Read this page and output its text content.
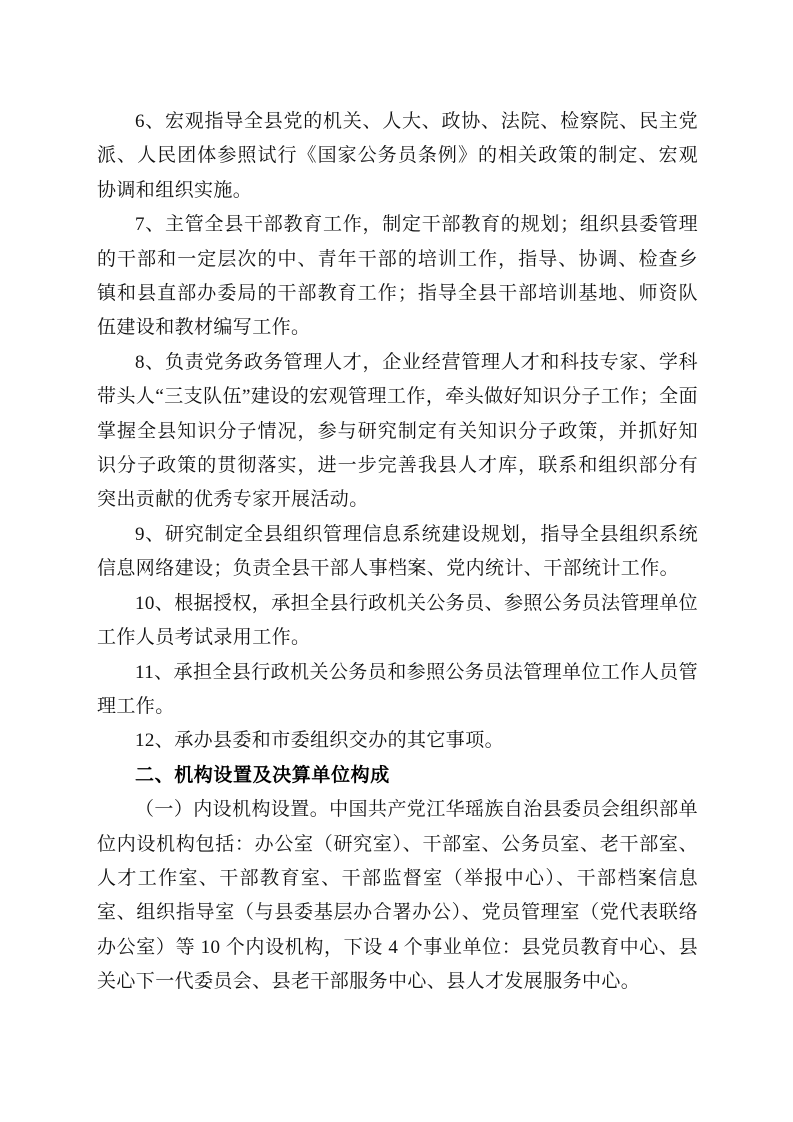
6、宏观指导全县党的机关、人大、政协、法院、检察院、民主党派、人民团体参照试行《国家公务员条例》的相关政策的制定、宏观协调和组织实施。

7、主管全县干部教育工作，制定干部教育的规划；组织县委管理的干部和一定层次的中、青年干部的培训工作，指导、协调、检查乡镇和县直部办委局的干部教育工作；指导全县干部培训基地、师资队伍建设和教材编写工作。

8、负责党务政务管理人才，企业经营管理人才和科技专家、学科带头人“三支队伍”建设的宏观管理工作，牵头做好知识分子工作；全面掌握全县知识分子情况，参与研究制定有关知识分子政策，并抓好知识分子政策的贯彻落实，进一步完善我县人才库，联系和组织部分有突出贡献的优秀专家开展活动。

9、研究制定全县组织管理信息系统建设规划，指导全县组织系统信息网络建设；负责全县干部人事档案、党内统计、干部统计工作。

10、根据授权，承担全县行政机关公务员、参照公务员法管理单位工作人员考试录用工作。

11、承担全县行政机关公务员和参照公务员法管理单位工作人员管理工作。

12、承办县委和市委组织交办的其它事项。

二、机构设置及决算单位构成

（一）内设机构设置。中国共产党江华瑶族自治县委员会组织部单位内设机构包括：办公室（研究室）、干部室、公务员室、老干部室、人才工作室、干部教育室、干部监督室（举报中心）、干部档案信息室、组织指导室（与县委基层办合署办公）、党员管理室（党代表联络办公室）等 10 个内设机构，下设 4 个事业单位：县党员教育中心、县关心下一代委员会、县老干部服务中心、县人才发展服务中心。
